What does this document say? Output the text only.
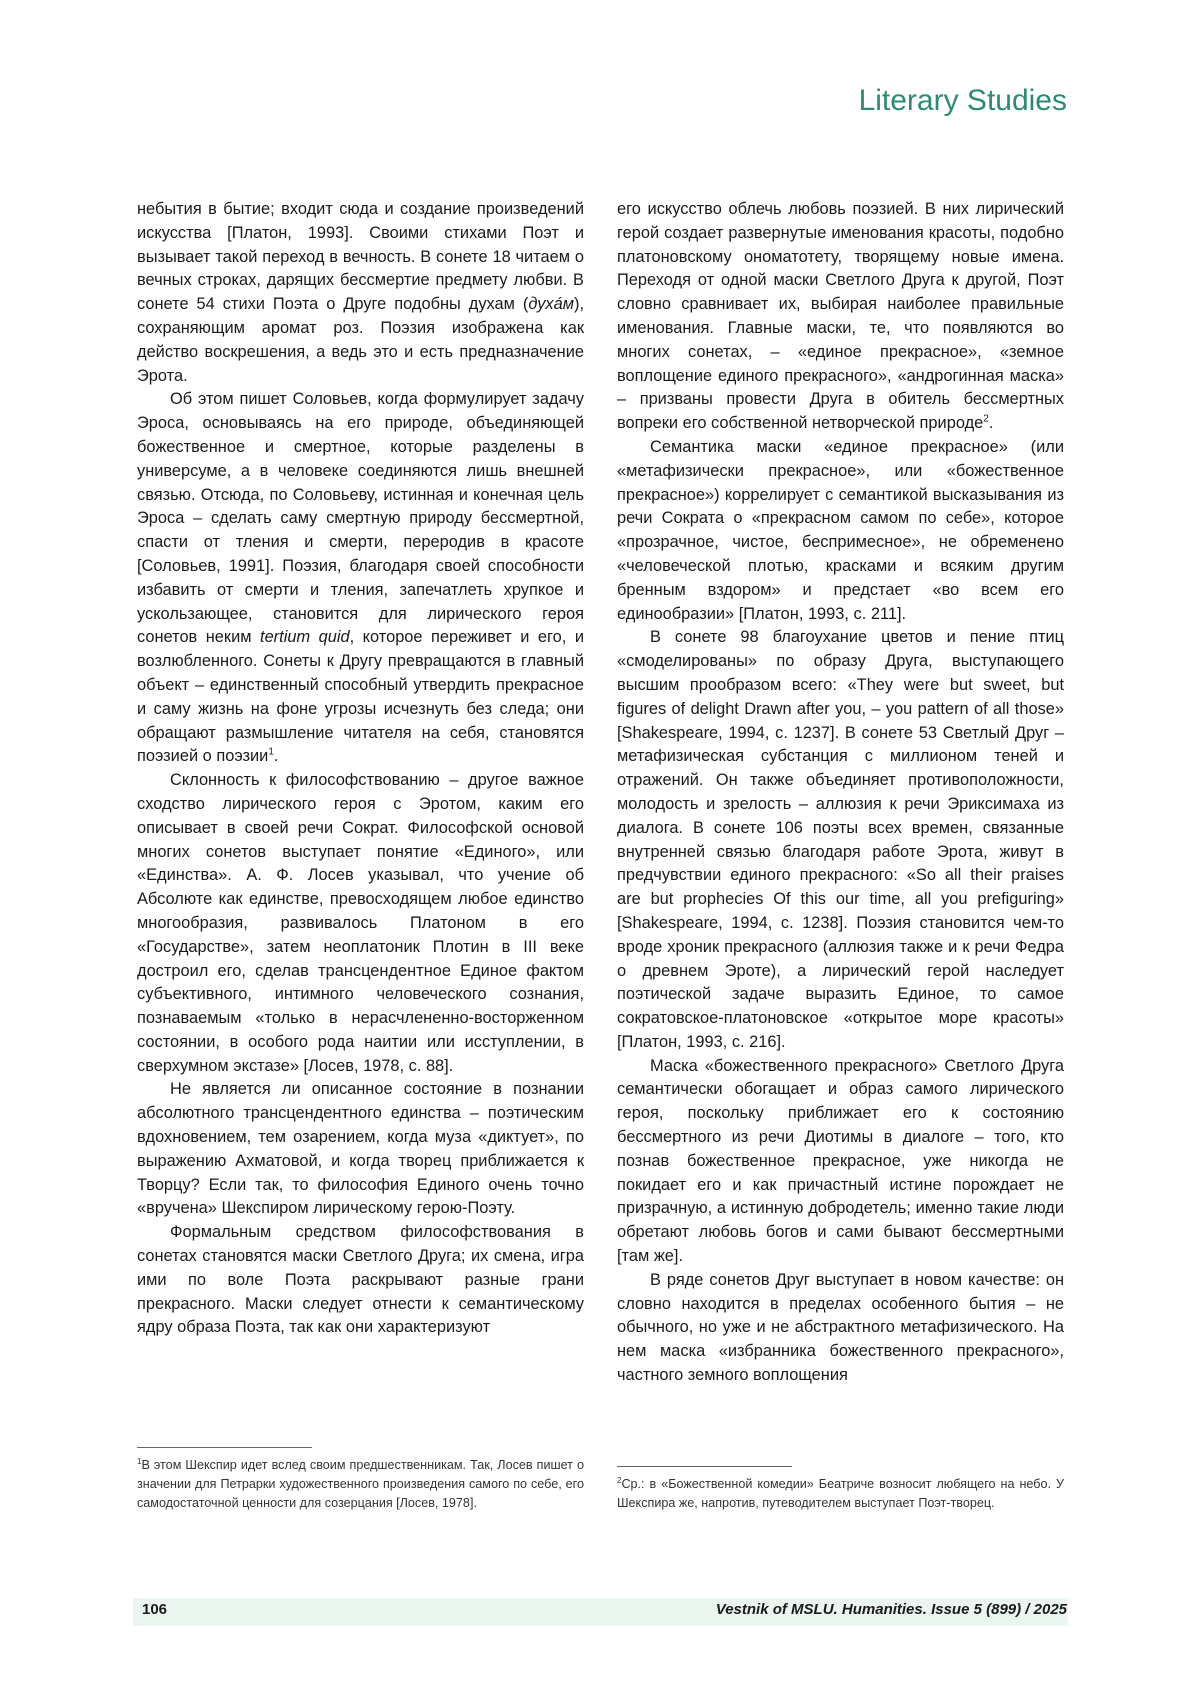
Literary Studies

небытия в бытие; входит сюда и создание произведений искусства [Платон, 1993]. Своими стихами Поэт и вызывает такой переход в вечность. В сонете 18 читаем о вечных строках, дарящих бессмертие предмету любви. В сонете 54 стихи Поэта о Друге подобны духам (духáм), сохраняющим аромат роз. Поэзия изображена как действо воскрешения, а ведь это и есть предназначение Эрота.

Об этом пишет Соловьев, когда формулирует задачу Эроса, основываясь на его природе, объединяющей божественное и смертное, которые разделены в универсуме, а в человеке соединяются лишь внешней связью. Отсюда, по Соловьеву, истинная и конечная цель Эроса – сделать саму смертную природу бессмертной, спасти от тления и смерти, переродив в красоте [Соловьев, 1991]. Поэзия, благодаря своей способности избавить от смерти и тления, запечатлеть хрупкое и ускользающее, становится для лирического героя сонетов неким tertium quid, которое переживет и его, и возлюбленного. Сонеты к Другу превращаются в главный объект – единственный способный утвердить прекрасное и саму жизнь на фоне угрозы исчезнуть без следа; они обращают размышление читателя на себя, становятся поэзией о поэзии$^1$.

Склонность к философствованию – другое важное сходство лирического героя с Эротом, каким его описывает в своей речи Сократ. Философской основой многих сонетов выступает понятие «Единого», или «Единства». А. Ф. Лосев указывал, что учение об Абсолюте как единстве, превосходящем любое единство многообразия, развивалось Платоном в его «Государстве», затем неоплатоник Плотин в III веке достроил его, сделав трансцендентное Единое фактом субъективного, интимного человеческого сознания, познаваемым «только в нерасчлененно-восторженном состоянии, в особого рода наитии или исступлении, в сверхумном экстазе» [Лосев, 1978, с. 88].

Не является ли описанное состояние в познании абсолютного трансцендентного единства – поэтическим вдохновением, тем озарением, когда муза «диктует», по выражению Ахматовой, и когда творец приближается к Творцу? Если так, то философия Единого очень точно «вручена» Шекспиром лирическому герою-Поэту.

Формальным средством философствования в сонетах становятся маски Светлого Друга; их смена, игра ими по воле Поэта раскрывают разные грани прекрасного. Маски следует отнести к семантическому ядру образа Поэта, так как они характеризуют

его искусство облечь любовь поэзией. В них лирический герой создает развернутые именования красоты, подобно платоновскому ономатотету, творящему новые имена. Переходя от одной маски Светлого Друга к другой, Поэт словно сравнивает их, выбирая наиболее правильные именования. Главные маски, те, что появляются во многих сонетах, – «единое прекрасное», «земное воплощение единого прекрасного», «андрогинная маска» – призваны провести Друга в обитель бессмертных вопреки его собственной нетворческой природе$^2$.

Семантика маски «единое прекрасное» (или «метафизически прекрасное», или «божественное прекрасное») коррелирует с семантикой высказывания из речи Сократа о «прекрасном самом по себе», которое «прозрачное, чистое, беспримесное», не обременено «человеческой плотью, красками и всяким другим бренным вздором» и предстает «во всем его единообразии» [Платон, 1993, с. 211].

В сонете 98 благоухание цветов и пение птиц «смоделированы» по образу Друга, выступающего высшим прообразом всего: «They were but sweet, but figures of delight Drawn after you, – you pattern of all those» [Shakespeare, 1994, с. 1237]. В сонете 53 Светлый Друг – метафизическая субстанция с миллионом теней и отражений. Он также объединяет противоположности, молодость и зрелость – аллюзия к речи Эриксимаха из диалога. В сонете 106 поэты всех времен, связанные внутренней связью благодаря работе Эрота, живут в предчувствии единого прекрасного: «So all their praises are but prophecies Of this our time, all you prefiguring» [Shakespeare, 1994, с. 1238]. Поэзия становится чем-то вроде хроник прекрасного (аллюзия также и к речи Федра о древнем Эроте), а лирический герой наследует поэтической задаче выразить Единое, то самое сократовское-платоновское «открытое море красоты» [Платон, 1993, с. 216].

Маска «божественного прекрасного» Светлого Друга семантически обогащает и образ самого лирического героя, поскольку приближает его к состоянию бессмертного из речи Диотимы в диалоге – того, кто познав божественное прекрасное, уже никогда не покидает его и как причастный истине порождает не призрачную, а истинную добродетель; именно такие люди обретают любовь богов и сами бывают бессмертными [там же].

В ряде сонетов Друг выступает в новом качестве: он словно находится в пределах особенного бытия – не обычного, но уже и не абстрактного метафизического. На нем маска «избранника божественного прекрасного», частного земного воплощения

$^1$В этом Шекспир идет вслед своим предшественникам. Так, Лосев пишет о значении для Петрарки художественного произведения самого по себе, его самодостаточной ценности для созерцания [Лосев, 1978].

$^2$Ср.: в «Божественной комедии» Беатриче возносит любящего на небо. У Шекспира же, напротив, путеводителем выступает Поэт-творец.

106	Vestnik of MSLU. Humanities. Issue 5 (899) / 2025
